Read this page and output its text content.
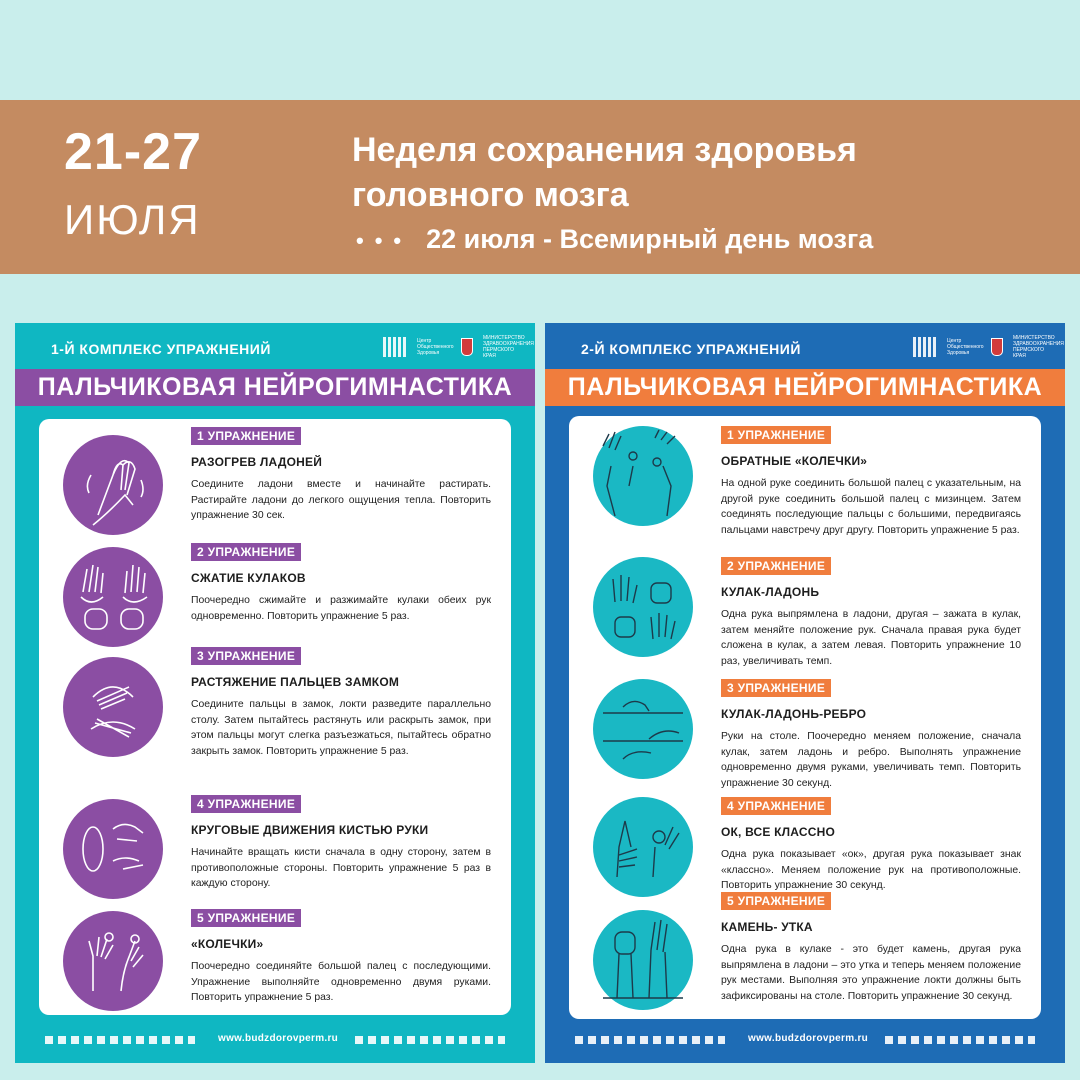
21-27
ИЮЛЯ
Неделя сохранения здоровья
головного мозга
••• 22 июля - Всемирный день мозга
1-Й КОМПЛЕКС УПРАЖНЕНИЙ	Центр Общественного Здоровья
МИНИСТЕРСТВО ЗДРАВООХРАНЕНИЯ ПЕРМСКОГО КРАЯ
ПАЛЬЧИКОВАЯ НЕЙРОГИМНАСТИКА
1 УПРАЖНЕНИЕ
РАЗОГРЕВ ЛАДОНЕЙ
Соедините ладони вместе и начинайте растирать. Растирайте ладони до легкого ощущения тепла. Повторить упражнение 30 сек.
2 УПРАЖНЕНИЕ
СЖАТИЕ КУЛАКОВ
Поочередно сжимайте и разжимайте кулаки обеих рук одновременно. Повторить упражнение 5 раз.
3 УПРАЖНЕНИЕ
РАСТЯЖЕНИЕ ПАЛЬЦЕВ ЗАМКОМ
Соедините пальцы в замок, локти разведите параллельно столу. Затем пытайтесь растянуть или раскрыть замок, при этом пальцы могут слегка разъезжаться, пытайтесь обратно закрыть замок. Повторить упражнение 5 раз.
4 УПРАЖНЕНИЕ
КРУГОВЫЕ ДВИЖЕНИЯ КИСТЬЮ РУКИ
Начинайте вращать кисти сначала в одну сторону, затем в противоположные стороны. Повторить упражнение 5 раз в каждую сторону.
5 УПРАЖНЕНИЕ
«КОЛЕЧКИ»
Поочередно соединяйте большой палец с последующими. Упражнение выполняйте одновременно двумя руками. Повторить упражнение 5 раз.
www.budzdorovperm.ru
2-Й КОМПЛЕКС УПРАЖНЕНИЙ	Центр Общественного Здоровья
МИНИСТЕРСТВО ЗДРАВООХРАНЕНИЯ ПЕРМСКОГО КРАЯ
ПАЛЬЧИКОВАЯ НЕЙРОГИМНАСТИКА
1 УПРАЖНЕНИЕ
ОБРАТНЫЕ «КОЛЕЧКИ»
На одной руке соединить большой палец с указательным, на другой руке соединить большой палец с мизинцем. Затем соединять последующие пальцы с большими, передвигаясь пальцами навстречу друг другу. Повторить упражнение 5 раз.
2 УПРАЖНЕНИЕ
КУЛАК-ЛАДОНЬ
Одна рука выпрямлена в ладони, другая – зажата в кулак, затем меняйте положение рук. Сначала правая рука будет сложена в кулак, а затем левая. Повторить упражнение 10 раз, увеличивать темп.
3 УПРАЖНЕНИЕ
КУЛАК-ЛАДОНЬ-РЕБРО
Руки на столе. Поочередно меняем положение, сначала кулак, затем ладонь и ребро. Выполнять упражнение одновременно двумя руками, увеличивать темп. Повторить упражнение 30 секунд.
4 УПРАЖНЕНИЕ
ОК, ВСЕ КЛАССНО
Одна рука показывает «ок», другая рука показывает знак «классно». Меняем положение рук на противоположные. Повторить упражнение 30 секунд.
5 УПРАЖНЕНИЕ
КАМЕНЬ- УТКА
Одна рука в кулаке - это будет камень, другая рука выпрямлена в ладони – это утка и теперь меняем положение рук местами. Выполняя это упражнение локти должны быть зафиксированы на столе. Повторить упражнение 30 секунд.
www.budzdorovperm.ru
